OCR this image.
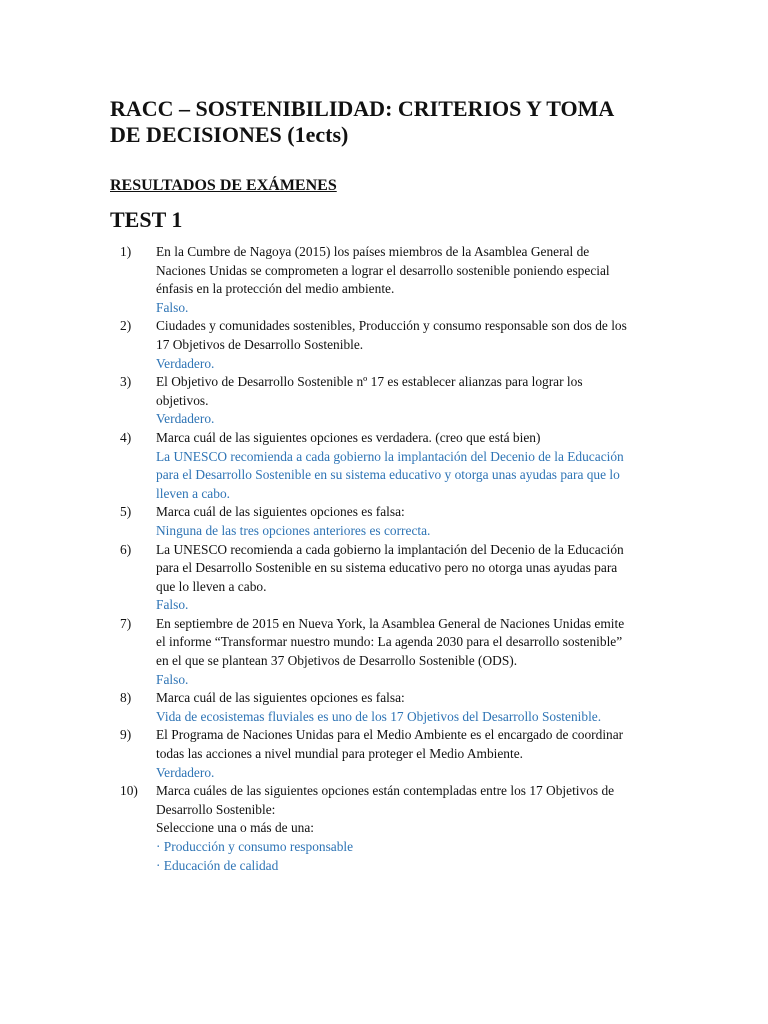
RACC – SOSTENIBILIDAD: CRITERIOS Y TOMA
DE DECISIONES (1ects)
RESULTADOS DE EXÁMENES
TEST 1
1)	En la Cumbre de Nagoya (2015) los países miembros de la Asamblea General de
Naciones Unidas se comprometen a lograr el desarrollo sostenible poniendo especial
énfasis en la protección del medio ambiente.
Falso.
2)	Ciudades y comunidades sostenibles, Producción y consumo responsable son dos de los
17 Objetivos de Desarrollo Sostenible.
Verdadero.
3)	El Objetivo de Desarrollo Sostenible nº 17 es establecer alianzas para lograr los
objetivos.
Verdadero.
4)	Marca cuál de las siguientes opciones es verdadera. (creo que está bien)
La UNESCO recomienda a cada gobierno la implantación del Decenio de la Educación
para el Desarrollo Sostenible en su sistema educativo y otorga unas ayudas para que lo
lleven a cabo.
5)	Marca cuál de las siguientes opciones es falsa:
Ninguna de las tres opciones anteriores es correcta.
6)	La UNESCO recomienda a cada gobierno la implantación del Decenio de la Educación
para el Desarrollo Sostenible en su sistema educativo pero no otorga unas ayudas para
que lo lleven a cabo.
Falso.
7)	En septiembre de 2015 en Nueva York, la Asamblea General de Naciones Unidas emite
el informe “Transformar nuestro mundo: La agenda 2030 para el desarrollo sostenible”
en el que se plantean 37 Objetivos de Desarrollo Sostenible (ODS).
Falso.
8)	Marca cuál de las siguientes opciones es falsa:
Vida de ecosistemas fluviales es uno de los 17 Objetivos del Desarrollo Sostenible.
9)	El Programa de Naciones Unidas para el Medio Ambiente es el encargado de coordinar
todas las acciones a nivel mundial para proteger el Medio Ambiente.
Verdadero.
10)	Marca cuáles de las siguientes opciones están contempladas entre los 17 Objetivos de
Desarrollo Sostenible:
Seleccione una o más de una:
· Producción y consumo responsable
· Educación de calidad
